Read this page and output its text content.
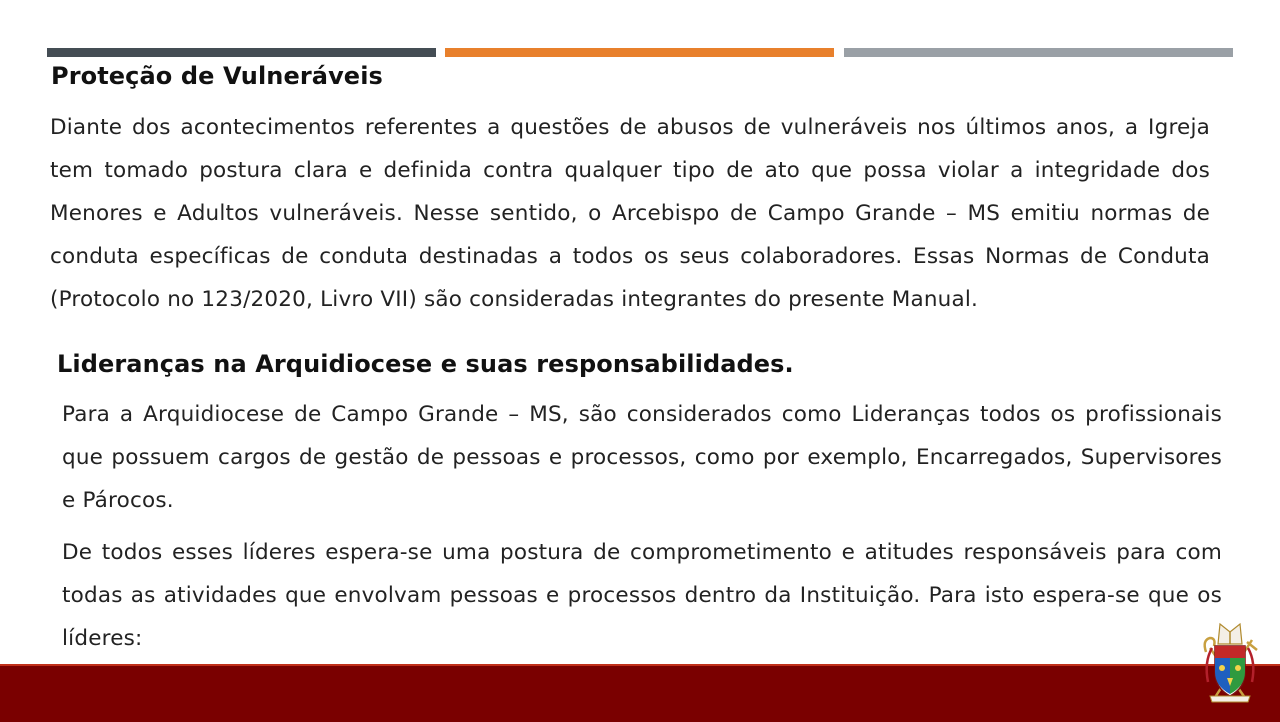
Proteção de Vulneráveis

Diante dos acontecimentos referentes a questões de abusos de vulneráveis nos últimos anos, a Igreja tem tomado postura clara e definida contra qualquer tipo de ato que possa violar a integridade dos Menores e Adultos vulneráveis. Nesse sentido, o Arcebispo de Campo Grande – MS emitiu normas de conduta específicas de conduta destinadas a todos os seus colaboradores. Essas Normas de Conduta (Protocolo no 123/2020, Livro VII) são consideradas integrantes do presente Manual.

Lideranças na Arquidiocese e suas responsabilidades.

Para a Arquidiocese de Campo Grande – MS, são considerados como Lideranças todos os profissionais que possuem cargos de gestão de pessoas e processos, como por exemplo, Encarregados, Supervisores e Párocos.

De todos esses líderes espera-se uma postura de comprometimento e atitudes responsáveis para com todas as atividades que envolvam pessoas e processos dentro da Instituição. Para isto espera-se que os líderes:
